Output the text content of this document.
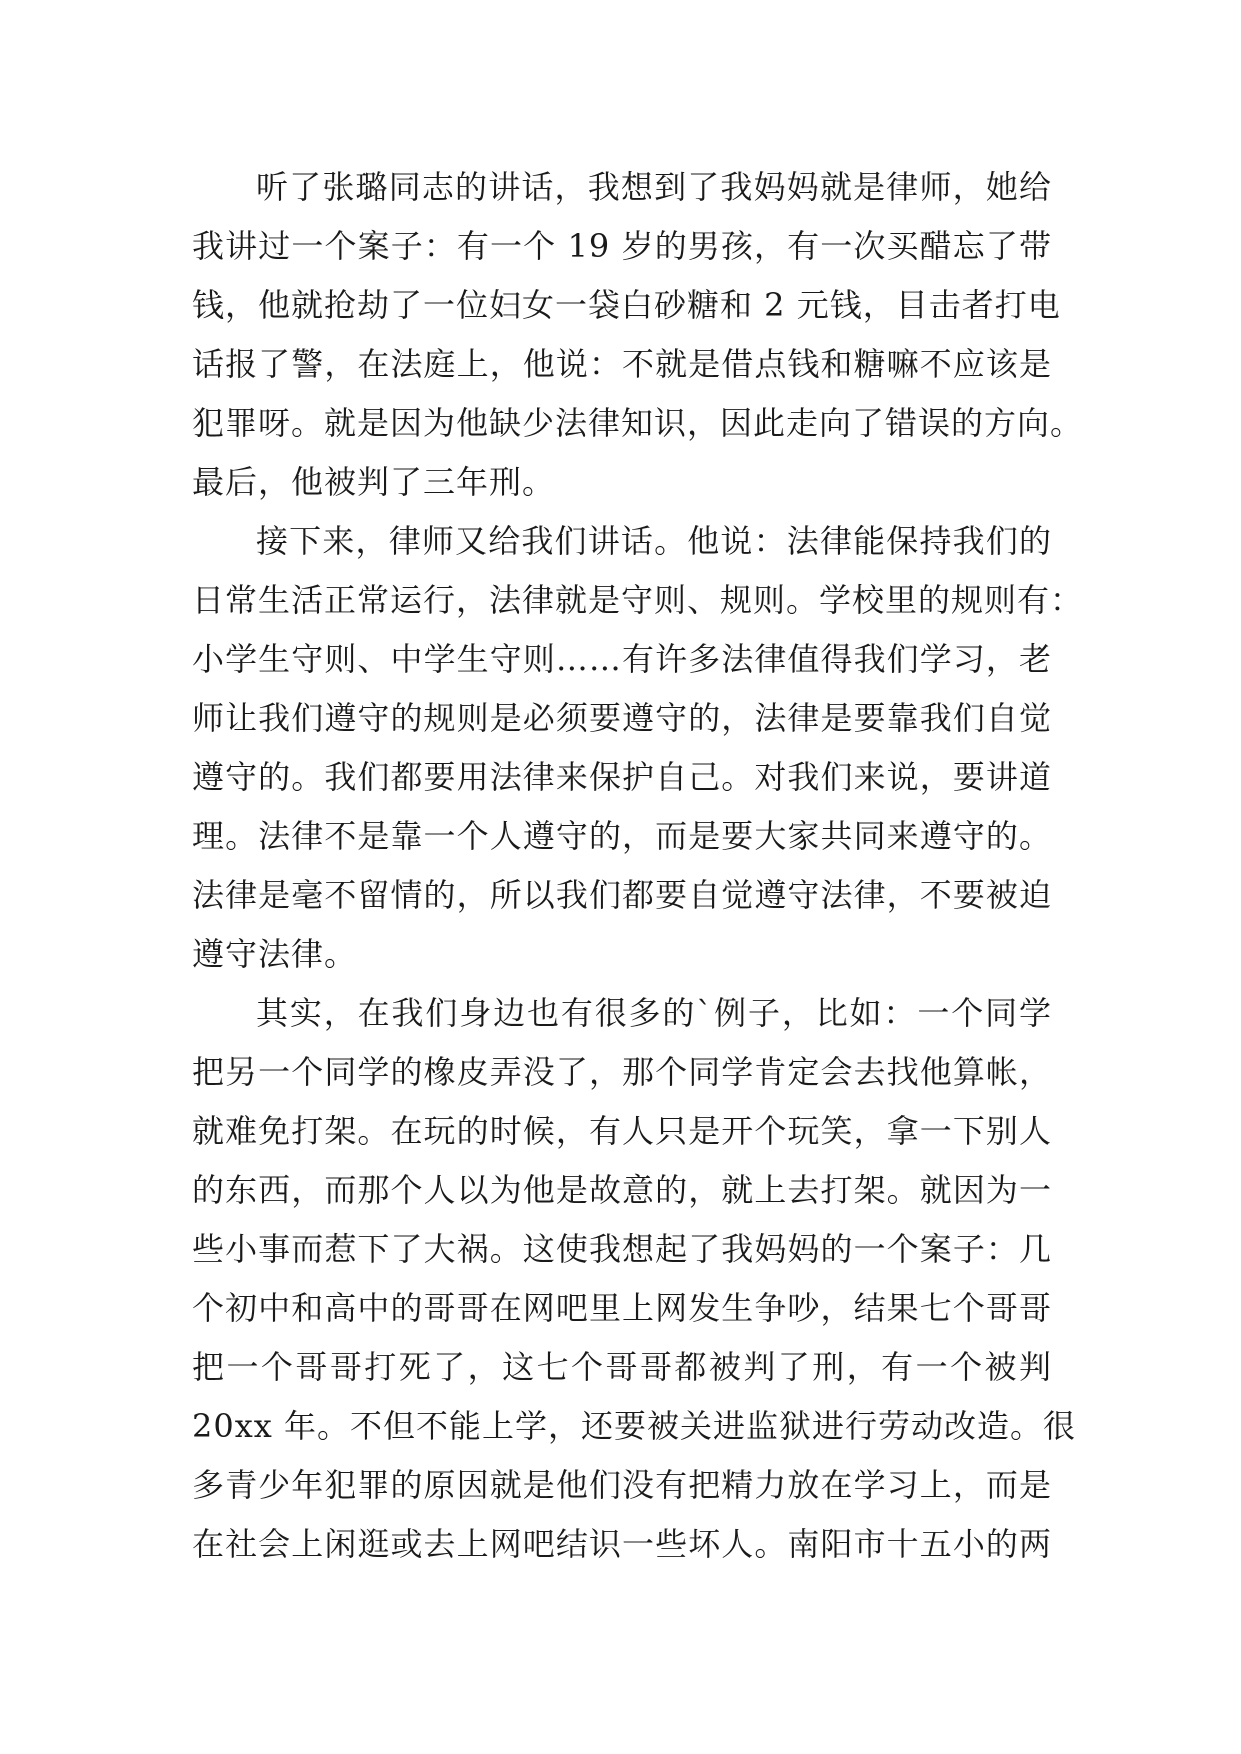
听了张璐同志的讲话，我想到了我妈妈就是律师，她给
我讲过一个案子：有一个 19 岁的男孩，有一次买醋忘了带
钱，他就抢劫了一位妇女一袋白砂糖和 2 元钱，目击者打电
话报了警，在法庭上，他说：不就是借点钱和糖嘛不应该是
犯罪呀。就是因为他缺少法律知识，因此走向了错误的方向。
最后，他被判了三年刑。
接下来，律师又给我们讲话。他说：法律能保持我们的
日常生活正常运行，法律就是守则、规则。学校里的规则有：
小学生守则、中学生守则……有许多法律值得我们学习，老
师让我们遵守的规则是必须要遵守的，法律是要靠我们自觉
遵守的。我们都要用法律来保护自己。对我们来说，要讲道
理。法律不是靠一个人遵守的，而是要大家共同来遵守的。
法律是毫不留情的，所以我们都要自觉遵守法律，不要被迫
遵守法律。
其实，在我们身边也有很多的`例子，比如：一个同学
把另一个同学的橡皮弄没了，那个同学肯定会去找他算帐，
就难免打架。在玩的时候，有人只是开个玩笑，拿一下别人
的东西，而那个人以为他是故意的，就上去打架。就因为一
些小事而惹下了大祸。这使我想起了我妈妈的一个案子：几
个初中和高中的哥哥在网吧里上网发生争吵，结果七个哥哥
把一个哥哥打死了，这七个哥哥都被判了刑，有一个被判
20xx 年。不但不能上学，还要被关进监狱进行劳动改造。很
多青少年犯罪的原因就是他们没有把精力放在学习上，而是
在社会上闲逛或去上网吧结识一些坏人。南阳市十五小的两
